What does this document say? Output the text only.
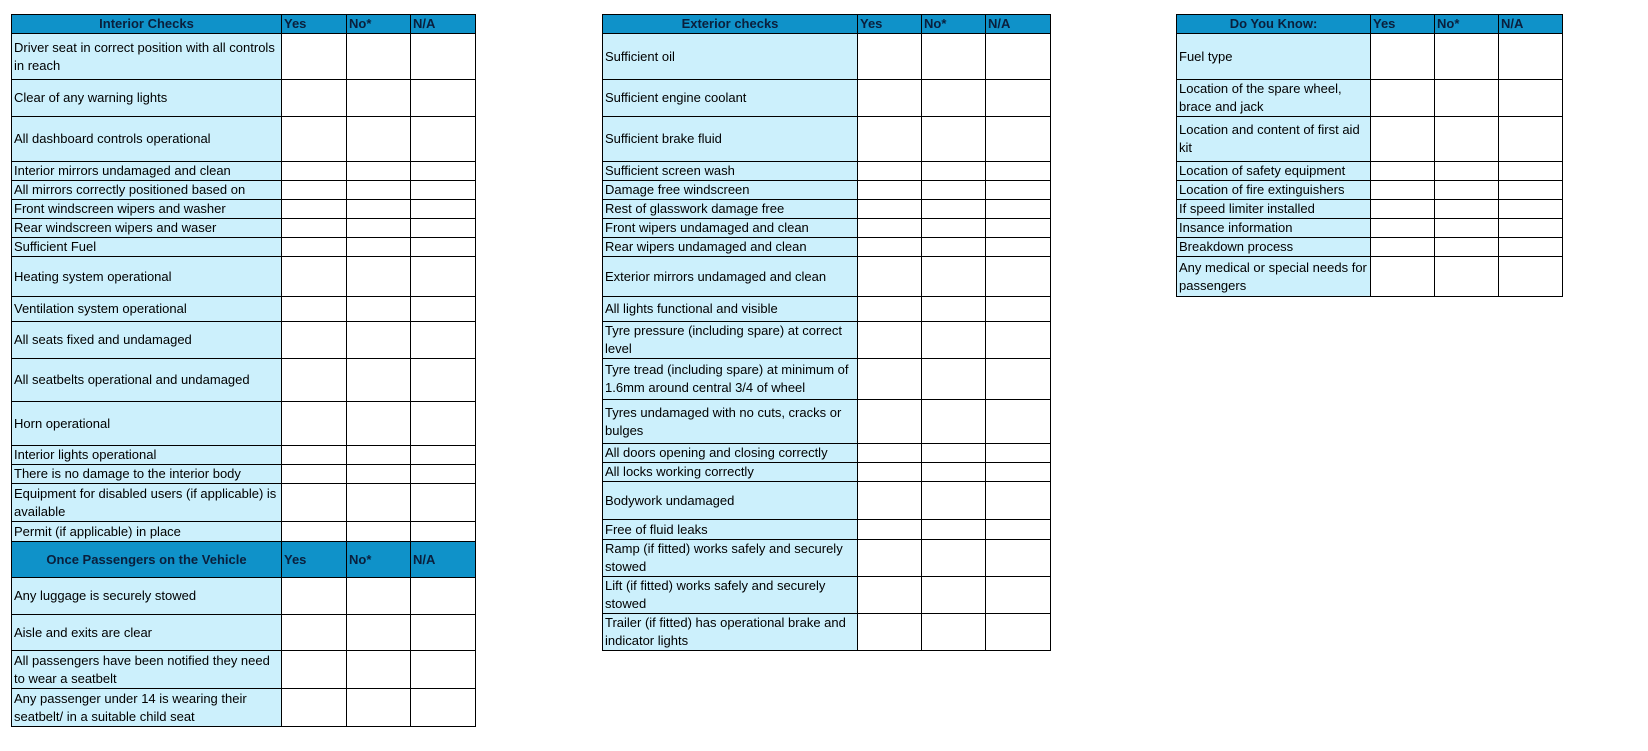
Interior Checks	Yes	No*	N/A
Driver seat in correct position with all controls in reach			
Clear of any warning lights			
All dashboard controls operational			
Interior mirrors undamaged and clean			
All mirrors correctly positioned based on			
Front windscreen wipers and washer			
Rear windscreen wipers and waser			
Sufficient Fuel			
Heating system operational			
Ventilation system operational			
All seats fixed and undamaged			
All seatbelts operational and undamaged			
Horn operational			
Interior lights operational			
There is no damage to the interior body			
Equipment for disabled users (if applicable) is available			
Permit (if applicable) in place			
Once Passengers on the Vehicle	Yes	No*	N/A
Any luggage is securely stowed			
Aisle and exits are clear			
All passengers have been notified they need to wear a seatbelt			
Any passenger under 14 is wearing their seatbelt/ in a suitable child seat			
Exterior checks	Yes	No*	N/A
Sufficient oil			
Sufficient engine coolant			
Sufficient brake fluid			
Sufficient screen wash			
Damage free windscreen			
Rest of glasswork damage free			
Front wipers undamaged and clean			
Rear wipers undamaged and clean			
Exterior mirrors undamaged and clean			
All lights functional and visible			
Tyre pressure (including spare) at correct level			
Tyre tread (including spare) at minimum of 1.6mm around central 3/4 of wheel			
Tyres undamaged with no cuts, cracks or bulges			
All doors opening and closing correctly			
All locks working correctly			
Bodywork undamaged			
Free of fluid leaks			
Ramp (if fitted) works safely and securely stowed			
Lift (if fitted) works safely and securely stowed			
Trailer (if fitted) has operational brake and indicator lights			
Do You Know:	Yes	No*	N/A
Fuel type			
Location of the spare wheel, brace and jack			
Location and content of first aid kit			
Location of safety equipment			
Location of fire extinguishers			
If speed limiter installed			
Insance information			
Breakdown process			
Any medical or special needs for passengers			
